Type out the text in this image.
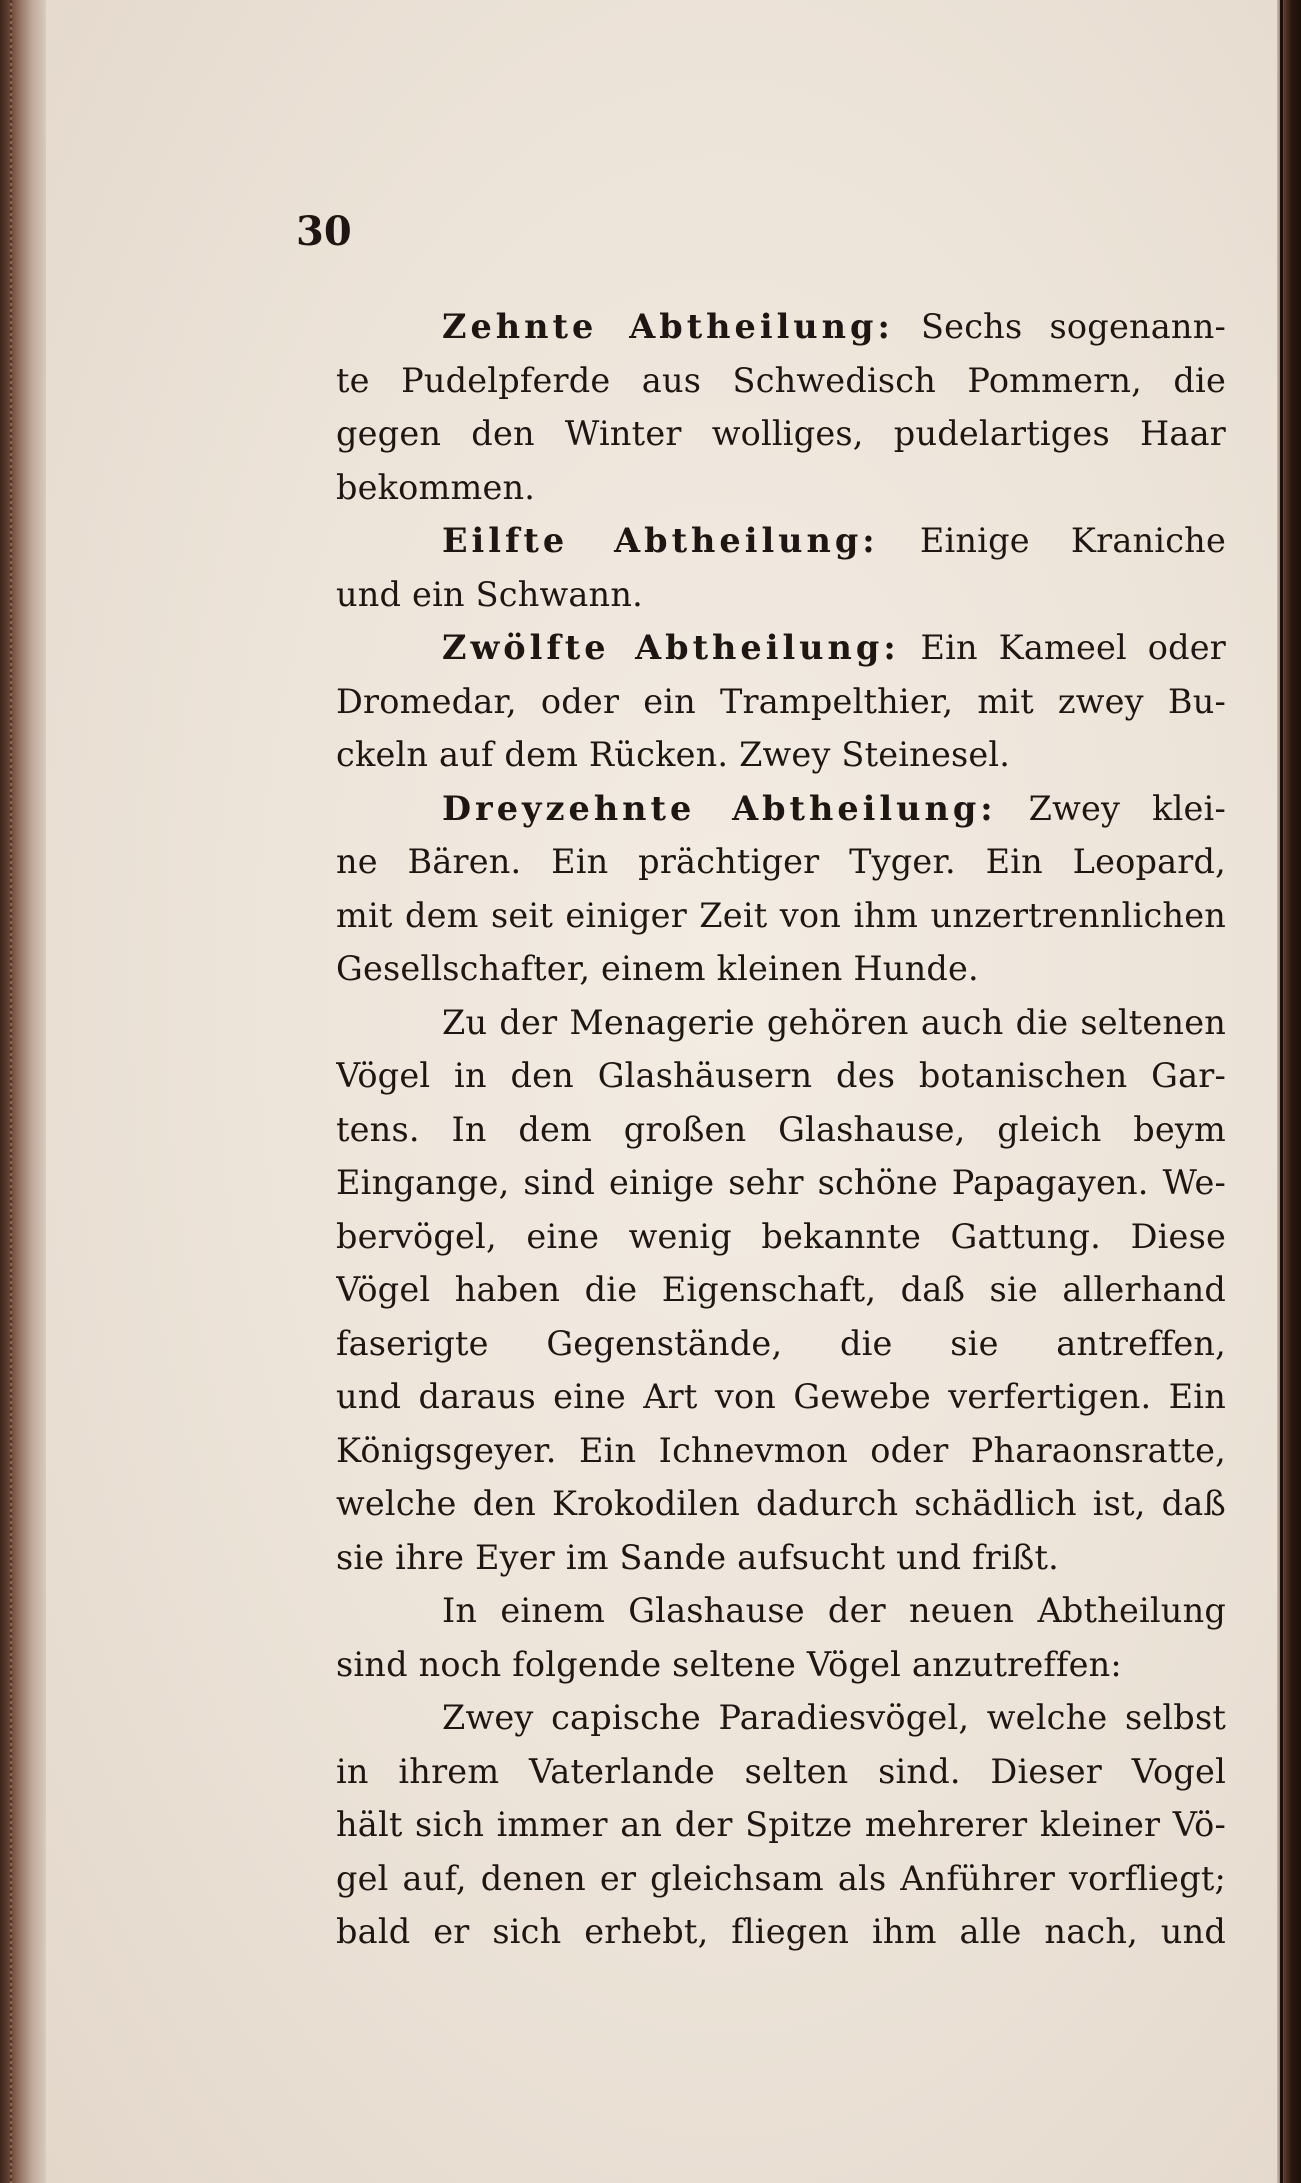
30

Zehnte Abtheilung: Sechs sogenann-
te Pudelpferde aus Schwedisch Pommern, die
gegen den Winter wolliges, pudelartiges Haar
bekommen.
Eilfte Abtheilung: Einige Kraniche
und ein Schwann.
Zwölfte Abtheilung: Ein Kameel oder
Dromedar, oder ein Trampelthier, mit zwey Bu-
ckeln auf dem Rücken. Zwey Steinesel.
Dreyzehnte Abtheilung: Zwey klei-
ne Bären. Ein prächtiger Tyger. Ein Leopard,
mit dem seit einiger Zeit von ihm unzertrennlichen
Gesellschafter, einem kleinen Hunde.
Zu der Menagerie gehören auch die seltenen
Vögel in den Glashäusern des botanischen Gar-
tens. In dem großen Glashause, gleich beym
Eingange, sind einige sehr schöne Papagayen. We-
bervögel, eine wenig bekannte Gattung. Diese
Vögel haben die Eigenschaft, daß sie allerhand
faserigte Gegenstände, die sie antreffen,
und daraus eine Art von Gewebe verfertigen. Ein
Königsgeyer. Ein Ichnevmon oder Pharaonsratte,
welche den Krokodilen dadurch schädlich ist, daß
sie ihre Eyer im Sande aufsucht und frißt.
In einem Glashause der neuen Abtheilung
sind noch folgende seltene Vögel anzutreffen:
Zwey capische Paradiesvögel, welche selbst
in ihrem Vaterlande selten sind. Dieser Vogel
hält sich immer an der Spitze mehrerer kleiner Vö-
gel auf, denen er gleichsam als Anführer vorfliegt;
bald er sich erhebt, fliegen ihm alle nach, und
